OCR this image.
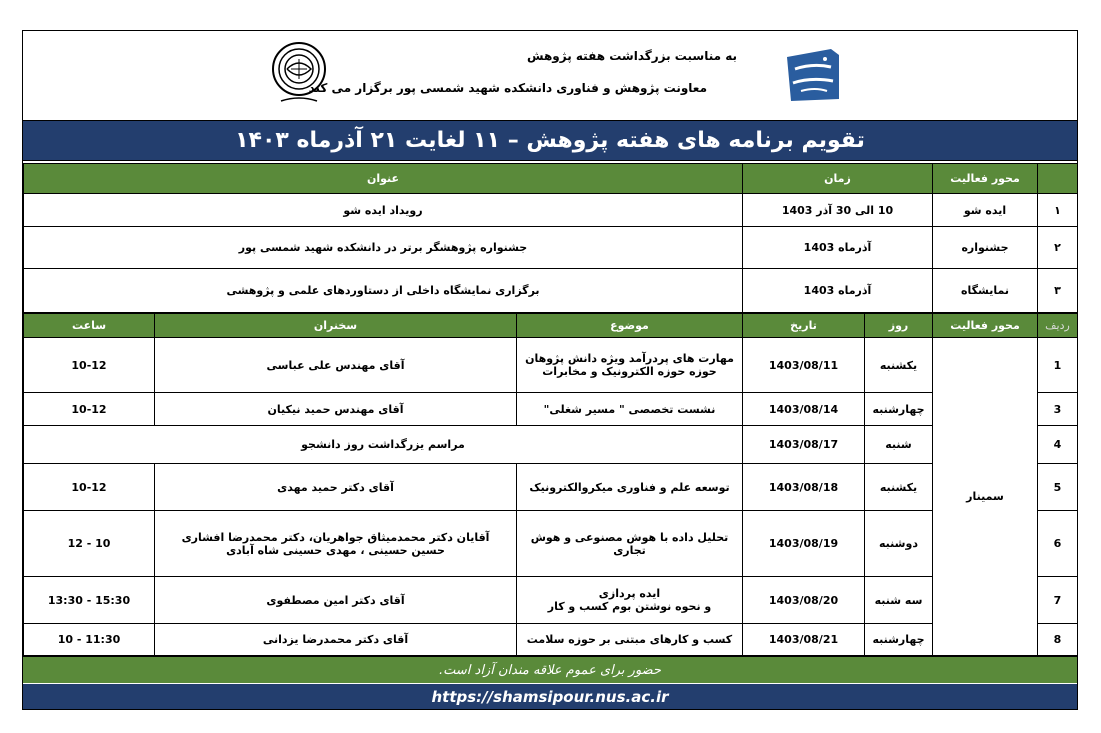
به مناسبت بزرگداشت هفته پژوهش
معاونت پژوهش و فناوری دانشکده شهید شمسی پور برگزار می کند
تقویم برنامه های هفته پژوهش – ۱۱ لغایت ۲۱ آذرماه ۱۴۰۳
	محور فعالیت	زمان	عنوان
۱	ایده شو	10 الی 30 آذر 1403	رویداد ایده شو
۲	جشنواره	آذرماه 1403	جشنواره پژوهشگر برتر در دانشکده شهید شمسی پور
۳	نمایشگاه	آذرماه 1403	برگزاری نمایشگاه داخلی از دستاوردهای علمی و پژوهشی
ردیف	محور فعالیت	روز	تاریخ	موضوع	سخنران	ساعت
1	سمینار	یکشنبه	1403/08/11	مهارت های پردرآمد ویژه دانش پژوهان
حوزه حوزه الکترونیک و مخابرات	آقای مهندس علی عباسی	10-12
3		چهارشنبه	1403/08/14	نشست تخصصی " مسیر شغلی"	آقای مهندس حمید نیکیان	10-12
4		شنبه	1403/08/17	مراسم یزرگداشت روز دانشجو		
5		یکشنبه	1403/08/18	توسعه علم و فناوری میکروالکترونیک	آقای دکتر حمید مهدی	10-12
6		دوشنبه	1403/08/19	تحلیل داده با هوش مصنوعی و هوش تجاری	آقایان دکتر محمدمیثاق جواهریان، دکتر محمدرضا افشاری
حسین حسینی ، مهدی حسینی شاه آبادی	12 - 10
7		سه شنبه	1403/08/20	ایده پردازی
و نحوه نوشتن بوم کسب و کار	آقای دکتر امین مصطفوی	13:30 - 15:30
8		چهارشنبه	1403/08/21	کسب و کارهای مبتنی بر حوزه سلامت	آقای دکتر محمدرضا یزدانی	10 - 11:30
حضور برای عموم علاقه مندان آزاد است.
https://shamsipour.nus.ac.ir
